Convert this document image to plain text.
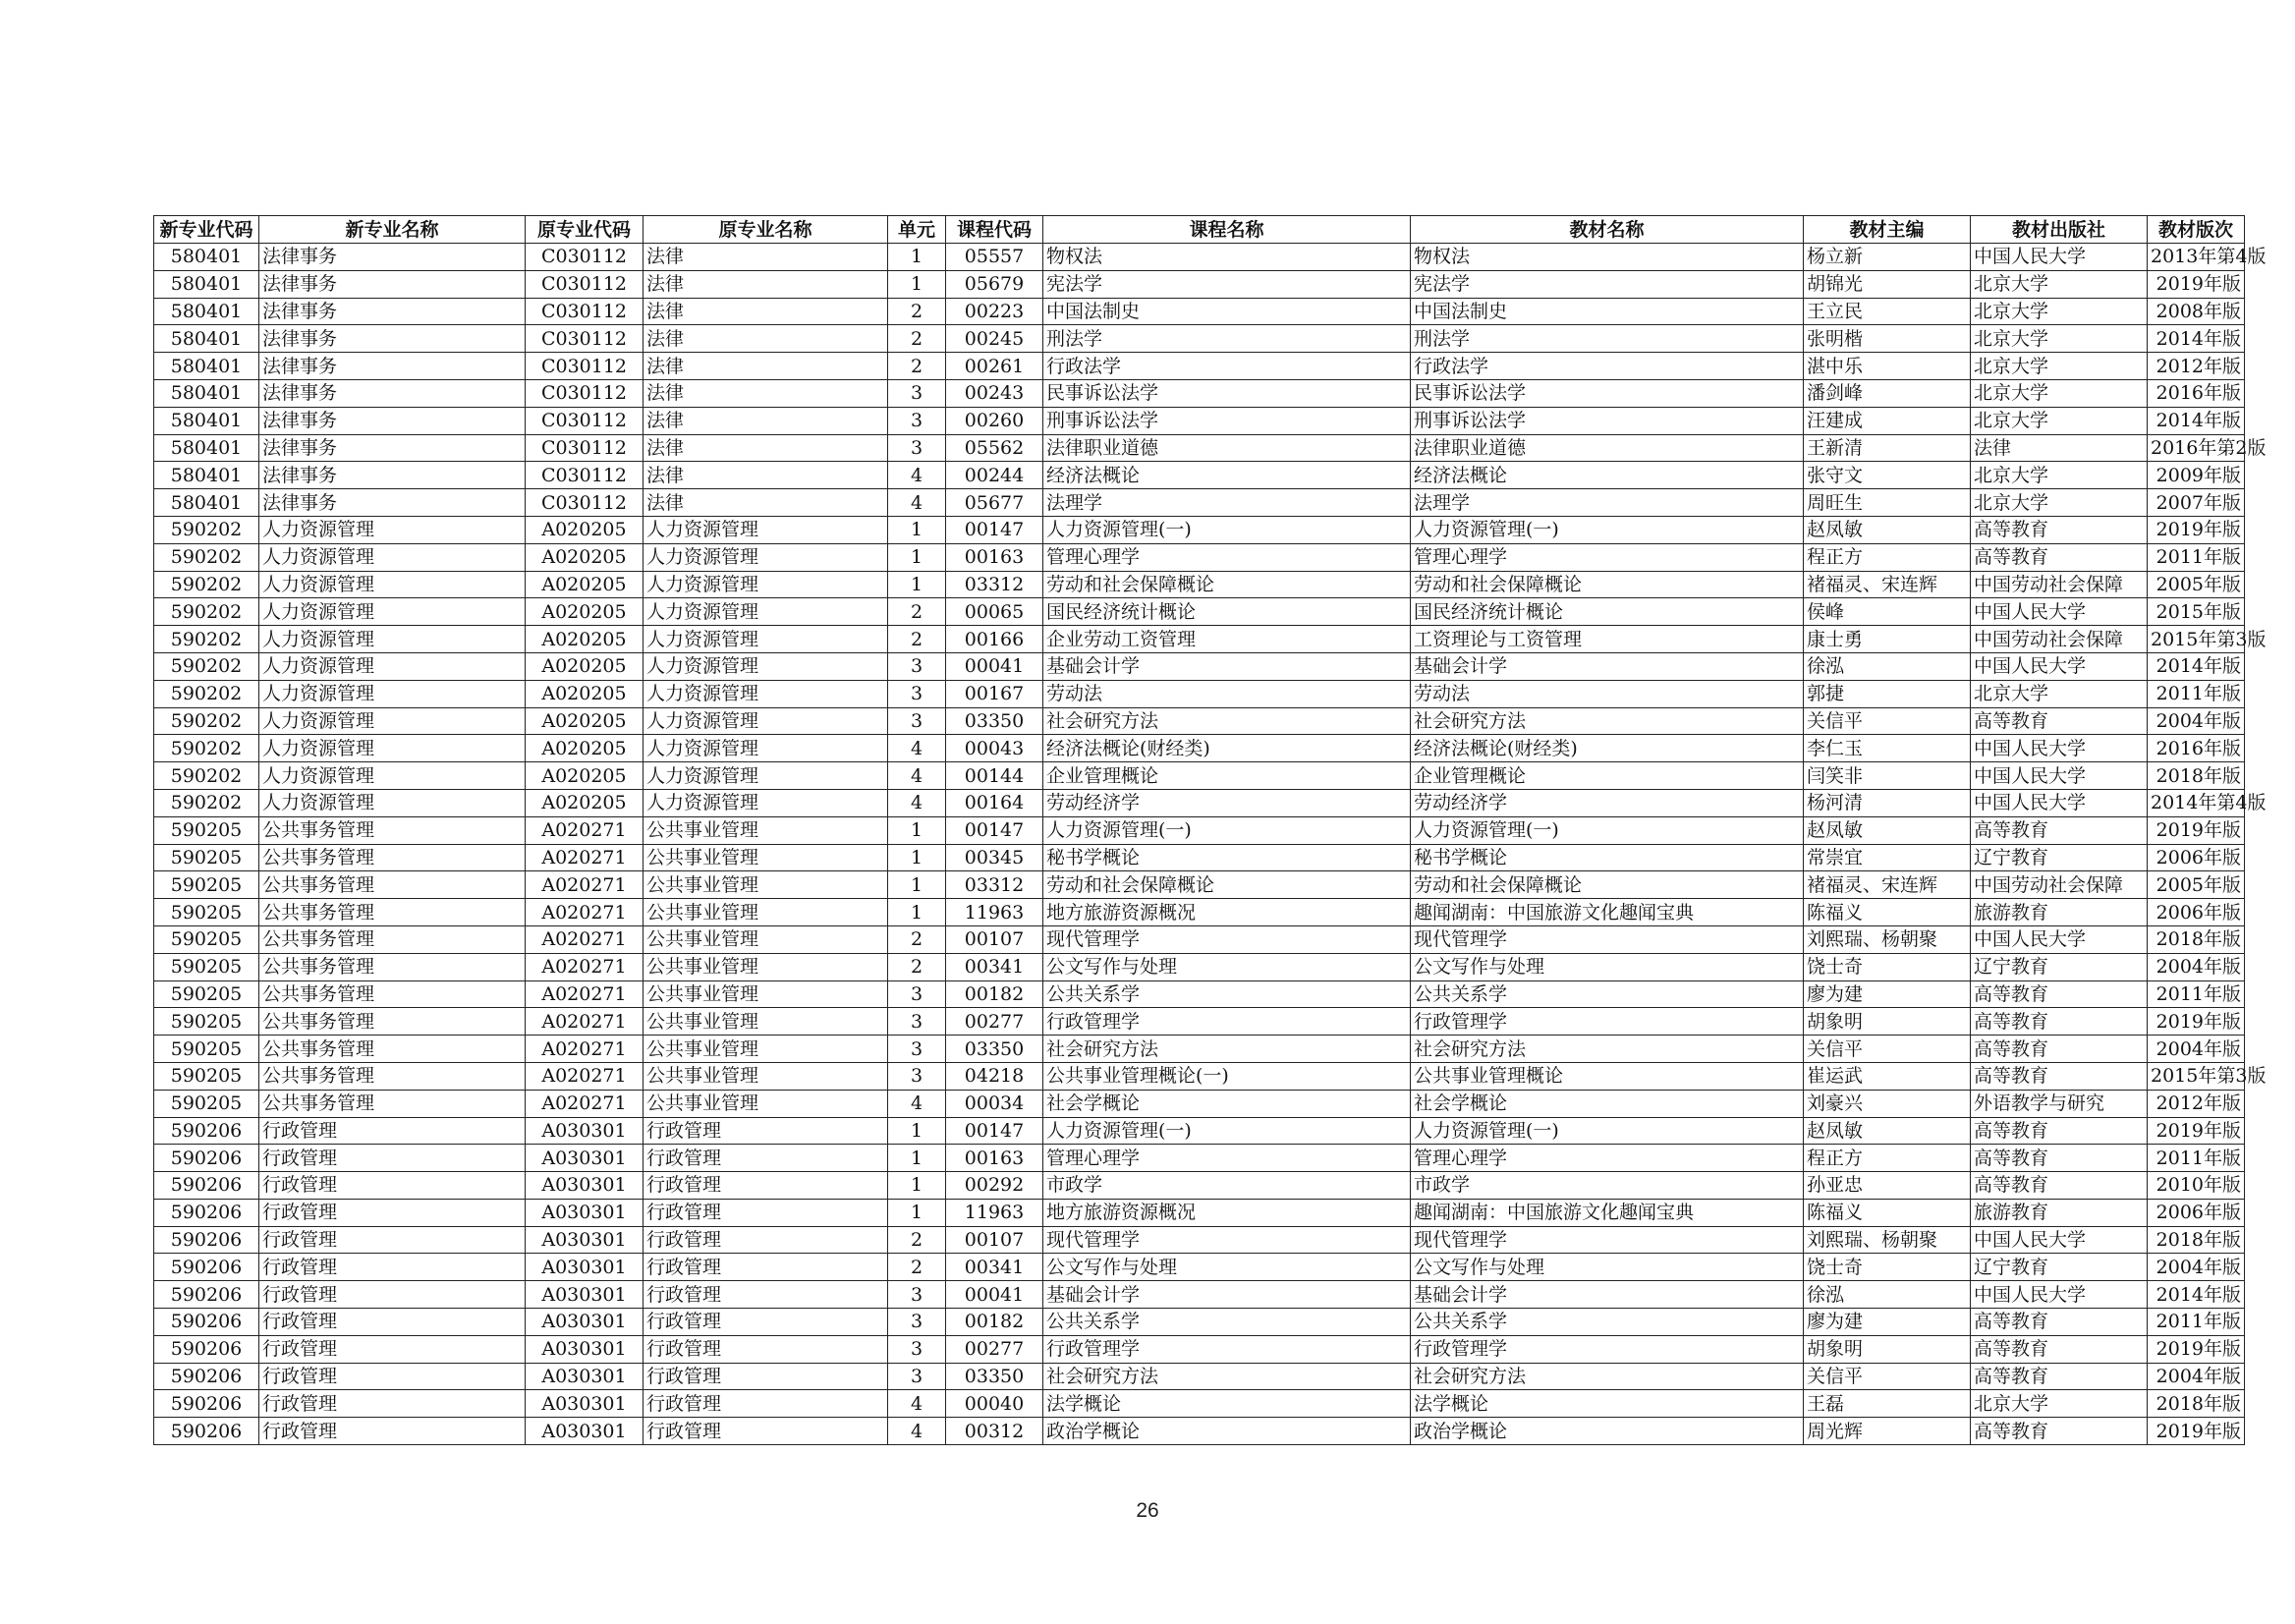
新专业代码	新专业名称	原专业代码	原专业名称	单元	课程代码	课程名称	教材名称	教材主编	教材出版社	教材版次
580401	法律事务	C030112	法律	1	05557	物权法	物权法	杨立新	中国人民大学	2013年第4版
580401	法律事务	C030112	法律	1	05679	宪法学	宪法学	胡锦光	北京大学	2019年版
580401	法律事务	C030112	法律	2	00223	中国法制史	中国法制史	王立民	北京大学	2008年版
580401	法律事务	C030112	法律	2	00245	刑法学	刑法学	张明楷	北京大学	2014年版
580401	法律事务	C030112	法律	2	00261	行政法学	行政法学	湛中乐	北京大学	2012年版
580401	法律事务	C030112	法律	3	00243	民事诉讼法学	民事诉讼法学	潘剑峰	北京大学	2016年版
580401	法律事务	C030112	法律	3	00260	刑事诉讼法学	刑事诉讼法学	汪建成	北京大学	2014年版
580401	法律事务	C030112	法律	3	05562	法律职业道德	法律职业道德	王新清	法律	2016年第2版
580401	法律事务	C030112	法律	4	00244	经济法概论	经济法概论	张守文	北京大学	2009年版
580401	法律事务	C030112	法律	4	05677	法理学	法理学	周旺生	北京大学	2007年版
590202	人力资源管理	A020205	人力资源管理	1	00147	人力资源管理(一)	人力资源管理(一)	赵凤敏	高等教育	2019年版
590202	人力资源管理	A020205	人力资源管理	1	00163	管理心理学	管理心理学	程正方	高等教育	2011年版
590202	人力资源管理	A020205	人力资源管理	1	03312	劳动和社会保障概论	劳动和社会保障概论	褚福灵、宋连辉	中国劳动社会保障	2005年版
590202	人力资源管理	A020205	人力资源管理	2	00065	国民经济统计概论	国民经济统计概论	侯峰	中国人民大学	2015年版
590202	人力资源管理	A020205	人力资源管理	2	00166	企业劳动工资管理	工资理论与工资管理	康士勇	中国劳动社会保障	2015年第3版
590202	人力资源管理	A020205	人力资源管理	3	00041	基础会计学	基础会计学	徐泓	中国人民大学	2014年版
590202	人力资源管理	A020205	人力资源管理	3	00167	劳动法	劳动法	郭捷	北京大学	2011年版
590202	人力资源管理	A020205	人力资源管理	3	03350	社会研究方法	社会研究方法	关信平	高等教育	2004年版
590202	人力资源管理	A020205	人力资源管理	4	00043	经济法概论(财经类)	经济法概论(财经类)	李仁玉	中国人民大学	2016年版
590202	人力资源管理	A020205	人力资源管理	4	00144	企业管理概论	企业管理概论	闫笑非	中国人民大学	2018年版
590202	人力资源管理	A020205	人力资源管理	4	00164	劳动经济学	劳动经济学	杨河清	中国人民大学	2014年第4版
590205	公共事务管理	A020271	公共事业管理	1	00147	人力资源管理(一)	人力资源管理(一)	赵凤敏	高等教育	2019年版
590205	公共事务管理	A020271	公共事业管理	1	00345	秘书学概论	秘书学概论	常崇宜	辽宁教育	2006年版
590205	公共事务管理	A020271	公共事业管理	1	03312	劳动和社会保障概论	劳动和社会保障概论	褚福灵、宋连辉	中国劳动社会保障	2005年版
590205	公共事务管理	A020271	公共事业管理	1	11963	地方旅游资源概况	趣闻湖南：中国旅游文化趣闻宝典	陈福义	旅游教育	2006年版
590205	公共事务管理	A020271	公共事业管理	2	00107	现代管理学	现代管理学	刘熙瑞、杨朝聚	中国人民大学	2018年版
590205	公共事务管理	A020271	公共事业管理	2	00341	公文写作与处理	公文写作与处理	饶士奇	辽宁教育	2004年版
590205	公共事务管理	A020271	公共事业管理	3	00182	公共关系学	公共关系学	廖为建	高等教育	2011年版
590205	公共事务管理	A020271	公共事业管理	3	00277	行政管理学	行政管理学	胡象明	高等教育	2019年版
590205	公共事务管理	A020271	公共事业管理	3	03350	社会研究方法	社会研究方法	关信平	高等教育	2004年版
590205	公共事务管理	A020271	公共事业管理	3	04218	公共事业管理概论(一)	公共事业管理概论	崔运武	高等教育	2015年第3版
590205	公共事务管理	A020271	公共事业管理	4	00034	社会学概论	社会学概论	刘豪兴	外语教学与研究	2012年版
590206	行政管理	A030301	行政管理	1	00147	人力资源管理(一)	人力资源管理(一)	赵凤敏	高等教育	2019年版
590206	行政管理	A030301	行政管理	1	00163	管理心理学	管理心理学	程正方	高等教育	2011年版
590206	行政管理	A030301	行政管理	1	00292	市政学	市政学	孙亚忠	高等教育	2010年版
590206	行政管理	A030301	行政管理	1	11963	地方旅游资源概况	趣闻湖南：中国旅游文化趣闻宝典	陈福义	旅游教育	2006年版
590206	行政管理	A030301	行政管理	2	00107	现代管理学	现代管理学	刘熙瑞、杨朝聚	中国人民大学	2018年版
590206	行政管理	A030301	行政管理	2	00341	公文写作与处理	公文写作与处理	饶士奇	辽宁教育	2004年版
590206	行政管理	A030301	行政管理	3	00041	基础会计学	基础会计学	徐泓	中国人民大学	2014年版
590206	行政管理	A030301	行政管理	3	00182	公共关系学	公共关系学	廖为建	高等教育	2011年版
590206	行政管理	A030301	行政管理	3	00277	行政管理学	行政管理学	胡象明	高等教育	2019年版
590206	行政管理	A030301	行政管理	3	03350	社会研究方法	社会研究方法	关信平	高等教育	2004年版
590206	行政管理	A030301	行政管理	4	00040	法学概论	法学概论	王磊	北京大学	2018年版
590206	行政管理	A030301	行政管理	4	00312	政治学概论	政治学概论	周光辉	高等教育	2019年版
26
